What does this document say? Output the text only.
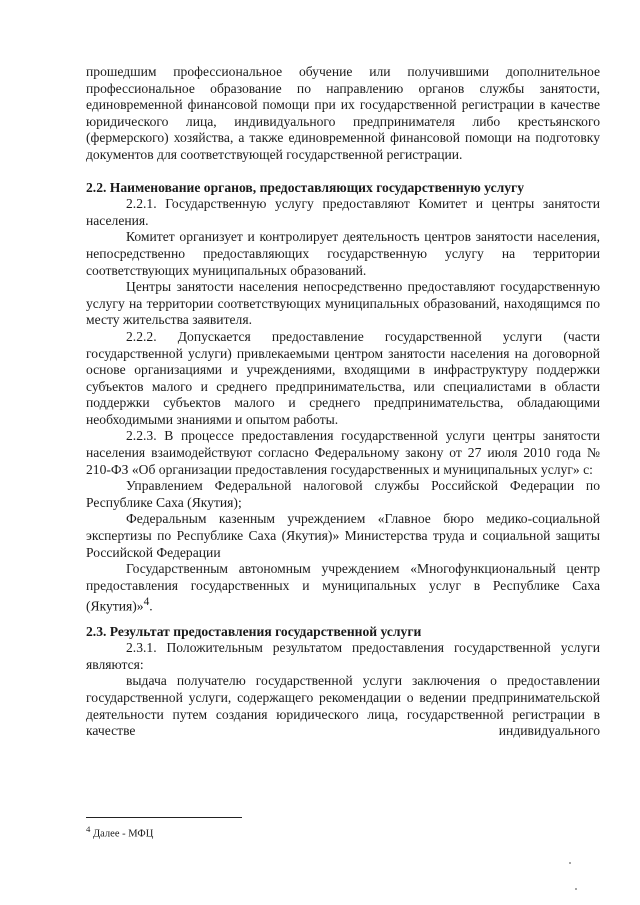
прошедшим профессиональное обучение или получившими дополнительное профессиональное образование по направлению органов службы занятости, единовременной финансовой помощи при их государственной регистрации в качестве юридического лица, индивидуального предпринимателя либо крестьянского (фермерского) хозяйства, а также единовременной финансовой помощи на подготовку документов для соответствующей государственной регистрации.

2.2. Наименование органов, предоставляющих государственную услугу

2.2.1. Государственную услугу предоставляют Комитет и центры занятости населения.

Комитет организует и контролирует деятельность центров занятости населения, непосредственно предоставляющих государственную услугу на территории соответствующих муниципальных образований.

Центры занятости населения непосредственно предоставляют государственную услугу на территории соответствующих муниципальных образований, находящимся по месту жительства заявителя.

2.2.2. Допускается предоставление государственной услуги (части государственной услуги) привлекаемыми центром занятости населения на договорной основе организациями и учреждениями, входящими в инфраструктуру поддержки субъектов малого и среднего предпринимательства, или специалистами в области поддержки субъектов малого и среднего предпринимательства, обладающими необходимыми знаниями и опытом работы.

2.2.3. В процессе предоставления государственной услуги центры занятости населения взаимодействуют согласно Федеральному закону от 27 июля 2010 года № 210-ФЗ «Об организации предоставления государственных и муниципальных услуг» с:

Управлением Федеральной налоговой службы Российской Федерации по Республике Саха (Якутия);

Федеральным казенным учреждением «Главное бюро медико-социальной экспертизы по Республике Саха (Якутия)» Министерства труда и социальной защиты Российской Федерации

Государственным автономным учреждением «Многофункциональный центр предоставления государственных и муниципальных услуг в Республике Саха (Якутия)»$^4$.

2.3. Результат предоставления государственной услуги

2.3.1. Положительным результатом предоставления государственной услуги являются:

выдача получателю государственной услуги заключения о предоставлении государственной услуги, содержащего рекомендации о ведении предпринимательской деятельности путем создания юридического лица, государственной регистрации в качестве индивидуального

$^4$ Далее - МФЦ
